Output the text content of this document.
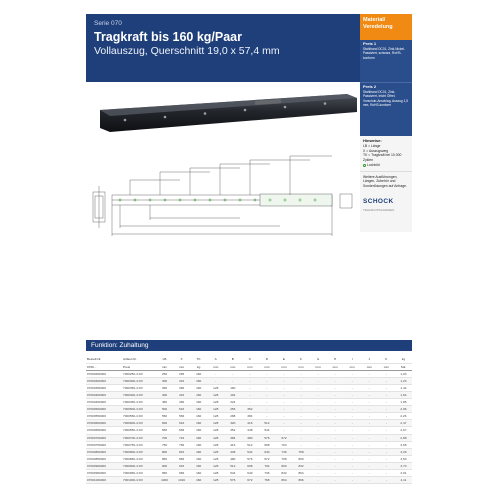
Serie 070
Tragkraft bis 160 kg/Paar
Vollauszug, Querschnitt 19,0 x 57,4 mm
Material/ Veredelung
Preis 1
Stahlband DC01, Zink-Nickel-Passiviert, schwarz, RoHS-konform
Preis 2
Stahlband DC01, Zink-Passiviert, leicht Ölfrei, Vorschub-Anschlag, Auszug 1,5 mm, RoHS-konform
Hinweise:
LB = Länge
X = Auszugsweg
TK = Tragkraft bei 10.000 Zyklen
Lochbild
Weitere Ausführungen, Längen, Zubehör und Sonderlösungen auf Anfrage.
SCHOCK
TELESKOPSCHIENEN
Funktion: Zuhaltung
Bestell-Nr.	Artikel-Nr.	LB	X	TK	A	B	C	D	E	F	G	H	I	J	K	kg
0700...	Preis	mm	mm	kg	mm	mm	mm	mm	mm	mm	mm	mm	mm	mm	mm	Stk.
07000250000	7000250-4 DX	250	265	160	-	-	-	-	-	-	-	-	-	-	-	1,03
07000300000	7000300-4 DX	300	316	160	-	-	-	-	-	-	-	-	-	-	-	1,23
07000350000	7000350-4 DX	350	366	160	128	160	-	-	-	-	-	-	-	-	-	1,44
07000400000	7000400-4 DX	400	416	160	128	192	-	-	-	-	-	-	-	-	-	1,64
07000450000	7000450-4 DX	450	466	160	128	224	-	-	-	-	-	-	-	-	-	1,85
07000500000	7000500-4 DX	500	516	160	128	256	352	-	-	-	-	-	-	-	-	2,06
07000550000	7000550-4 DX	550	566	160	128	288	384	-	-	-	-	-	-	-	-	2,26
07000600000	7000600-4 DX	600	616	160	128	320	416	512	-	-	-	-	-	-	-	2,47
07000650000	7000650-4 DX	650	666	160	128	352	448	544	-	-	-	-	-	-	-	2,67
07000700000	7000700-4 DX	700	716	160	128	384	480	576	672	-	-	-	-	-	-	2,88
07000750000	7000750-4 DX	750	766	160	128	416	512	608	704	-	-	-	-	-	-	3,08
07000800000	7000800-4 DX	800	816	160	128	448	544	640	736	768	-	-	-	-	-	3,29
07000850000	7000850-4 DX	850	866	160	128	480	576	672	768	800	-	-	-	-	-	3,50
07000900000	7000900-4 DX	900	916	160	128	512	608	704	800	832	-	-	-	-	-	3,70
07000950000	7000950-4 DX	950	966	160	128	544	640	736	832	864	-	-	-	-	-	3,91
07001000000	7001000-4 DX	1000	1016	160	128	576	672	768	864	896	-	-	-	-	-	4,11
